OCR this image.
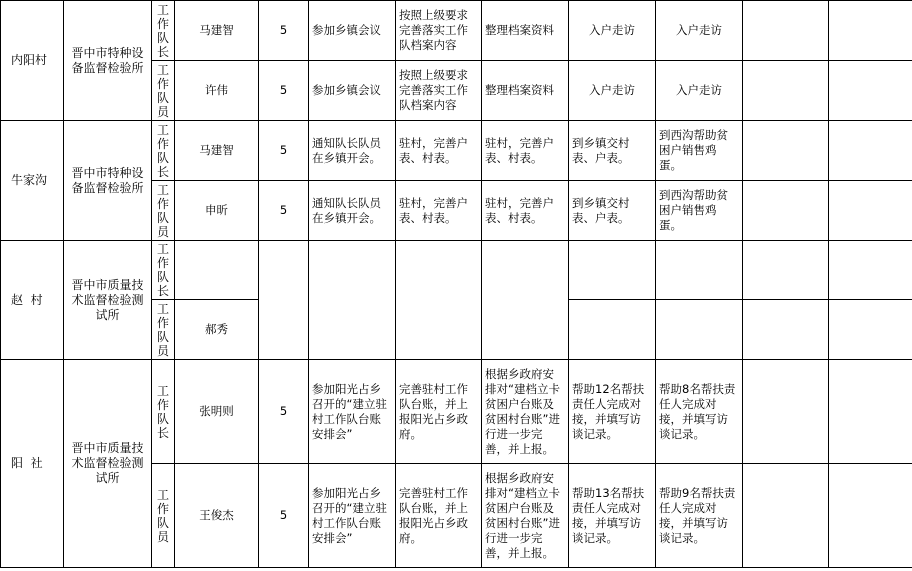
内阳村	晋中市特种设备监督检验所	工作队长	马建智	5	参加乡镇会议	按照上级要求完善落实工作队档案内容	整理档案资料	入户走访	入户走访		
		工作队员	许伟	5	参加乡镇会议	按照上级要求完善落实工作队档案内容	整理档案资料	入户走访	入户走访		
牛家沟	晋中市特种设备监督检验所	工作队长	马建智	5	通知队长队员在乡镇开会。	驻村，完善户表、村表。	驻村，完善户表、村表。	到乡镇交村表、户表。	到西沟帮助贫困户销售鸡蛋。		
		工作队员	申昕	5	通知队长队员在乡镇开会。	驻村，完善户表、村表。	驻村，完善户表、村表。	到乡镇交村表、户表。	到西沟帮助贫困户销售鸡蛋。		
赵  村	晋中市质量技术监督检验测试所	工作队长									
		工作队员	郝秀								
阳  社	晋中市质量技术监督检验测试所	工作队长	张明则	5	参加阳光占乡召开的“建立驻村工作队台账安排会”	完善驻村工作队台账，并上报阳光占乡政府。	根据乡政府安排对“建档立卡贫困户台账及贫困村台账”进行进一步完善，并上报。	帮助12名帮扶责任人完成对接，并填写访谈记录。	帮助8名帮扶责任人完成对接，并填写访谈记录。		
		工作队员	王俊杰	5	参加阳光占乡召开的“建立驻村工作队台账安排会”	完善驻村工作队台账，并上报阳光占乡政府。	根据乡政府安排对“建档立卡贫困户台账及贫困村台账”进行进一步完善，并上报。	帮助13名帮扶责任人完成对接，并填写访谈记录。	帮助9名帮扶责任人完成对接，并填写访谈记录。		
